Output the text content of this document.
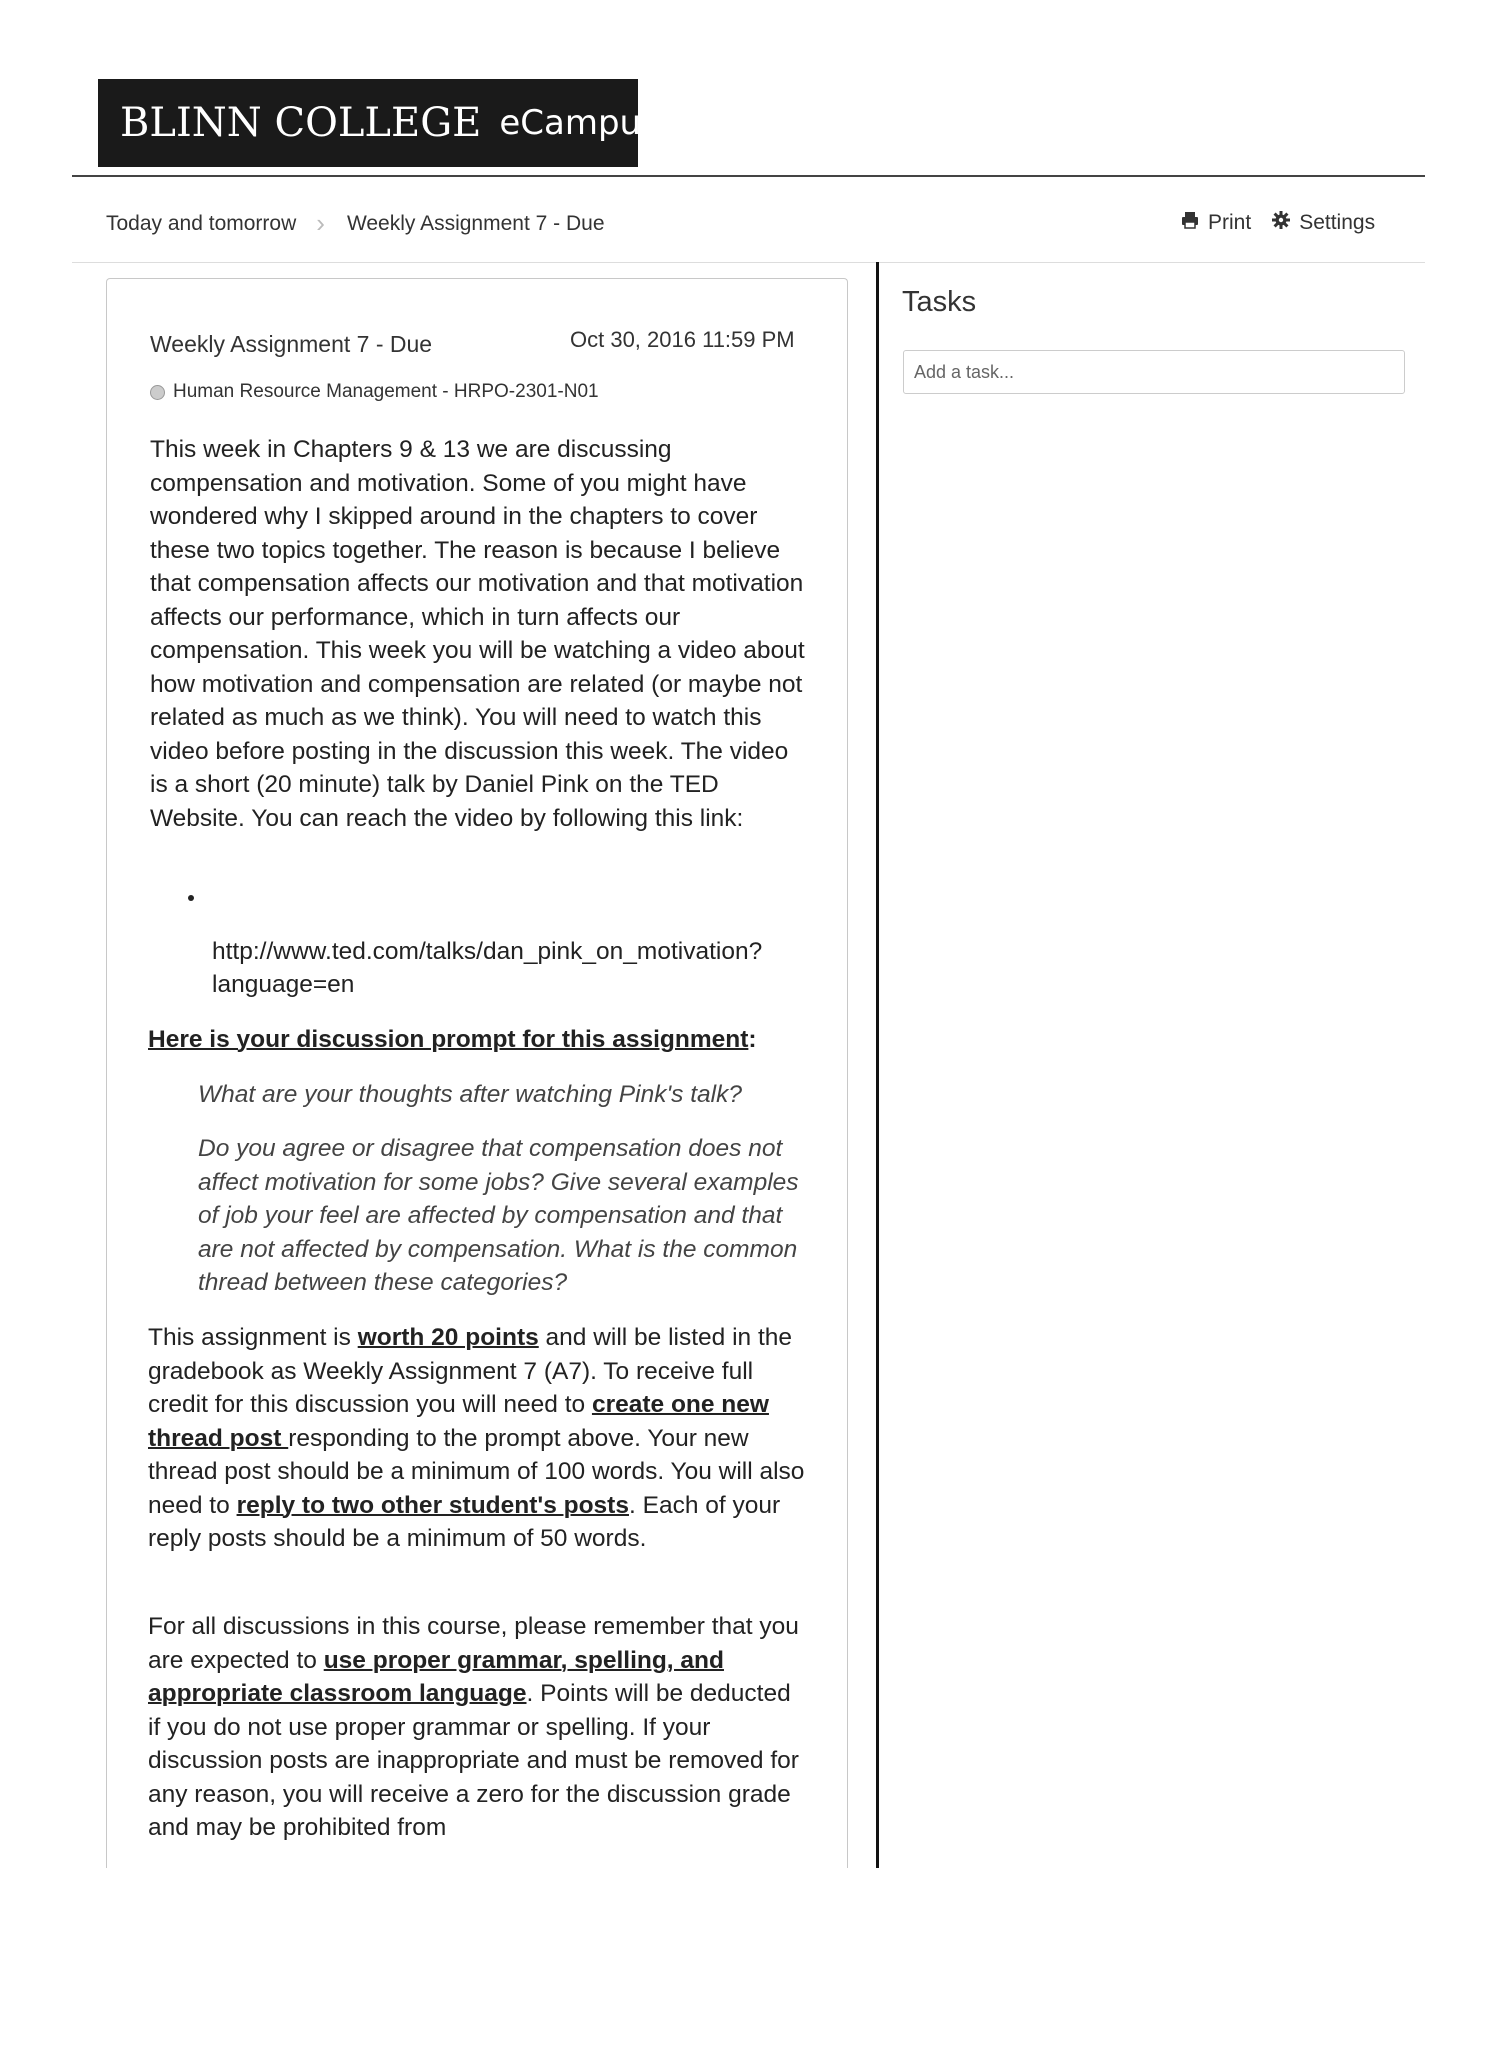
BLINN COLLEGE eCampus
Today and tomorrow › Weekly Assignment 7 - Due	Print Settings
Weekly Assignment 7 - Due	Oct 30, 2016 11:59 PM
Human Resource Management - HRPO-2301-N01

This week in Chapters 9 & 13 we are discussing compensation and motivation. Some of you might have wondered why I skipped around in the chapters to cover these two topics together. The reason is because I believe that compensation affects our motivation and that motivation affects our performance, which in turn affects our compensation. This week you will be watching a video about how motivation and compensation are related (or maybe not related as much as we think). You will need to watch this video before posting in the discussion this week. The video is a short (20 minute) talk by Daniel Pink on the TED Website. You can reach the video by following this link:

http://www.ted.com/talks/dan_pink_on_motivation?
language=en
Here is your discussion prompt for this assignment:

What are your thoughts after watching Pink's talk?

Do you agree or disagree that compensation does not affect motivation for some jobs? Give several examples of job your feel are affected by compensation and that are not affected by compensation. What is the common thread between these categories?

This assignment is worth 20 points and will be listed in the gradebook as Weekly Assignment 7 (A7). To receive full credit for this discussion you will need to create one new thread post responding to the prompt above. Your new thread post should be a minimum of 100 words. You will also need to reply to two other student's posts. Each of your reply posts should be a minimum of 50 words.

For all discussions in this course, please remember that you are expected to use proper grammar, spelling, and appropriate classroom language. Points will be deducted if you do not use proper grammar or spelling. If your discussion posts are inappropriate and must be removed for any reason, you will receive a zero for the discussion grade and may be prohibited from

Tasks
Add a task...
